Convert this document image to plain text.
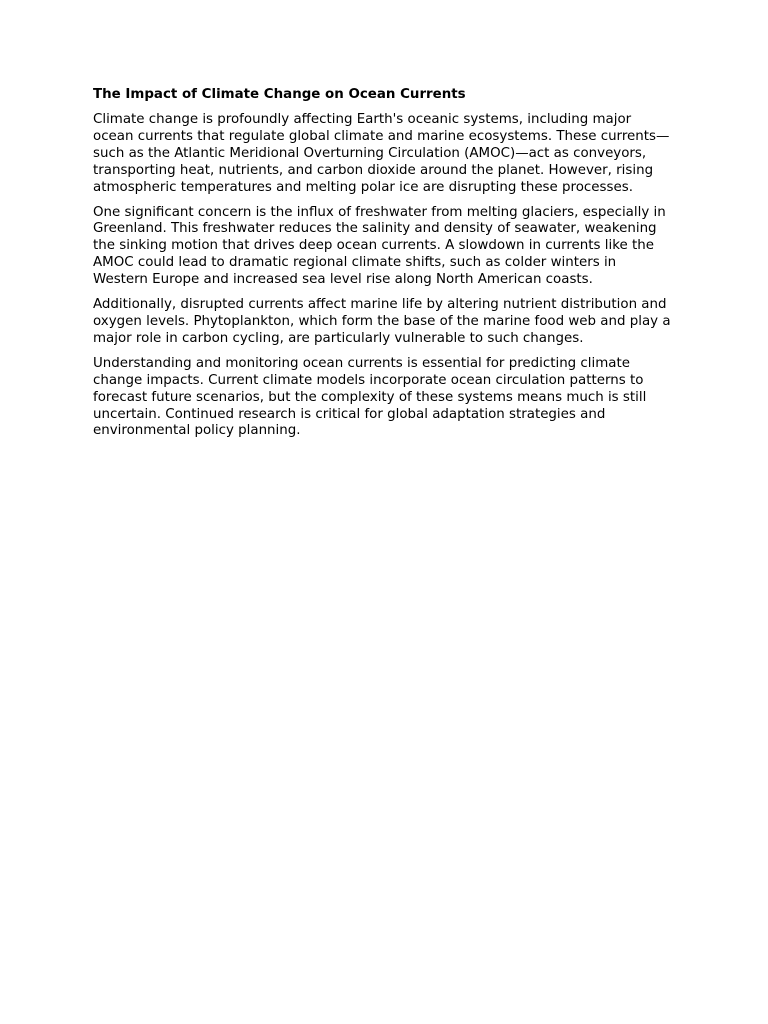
The Impact of Climate Change on Ocean Currents

Climate change is profoundly affecting Earth's oceanic systems, including major ocean currents that regulate global climate and marine ecosystems. These currents—such as the Atlantic Meridional Overturning Circulation (AMOC)—act as conveyors, transporting heat, nutrients, and carbon dioxide around the planet. However, rising atmospheric temperatures and melting polar ice are disrupting these processes.

One significant concern is the influx of freshwater from melting glaciers, especially in Greenland. This freshwater reduces the salinity and density of seawater, weakening the sinking motion that drives deep ocean currents. A slowdown in currents like the AMOC could lead to dramatic regional climate shifts, such as colder winters in Western Europe and increased sea level rise along North American coasts.

Additionally, disrupted currents affect marine life by altering nutrient distribution and oxygen levels. Phytoplankton, which form the base of the marine food web and play a major role in carbon cycling, are particularly vulnerable to such changes.

Understanding and monitoring ocean currents is essential for predicting climate change impacts. Current climate models incorporate ocean circulation patterns to forecast future scenarios, but the complexity of these systems means much is still uncertain. Continued research is critical for global adaptation strategies and environmental policy planning.
